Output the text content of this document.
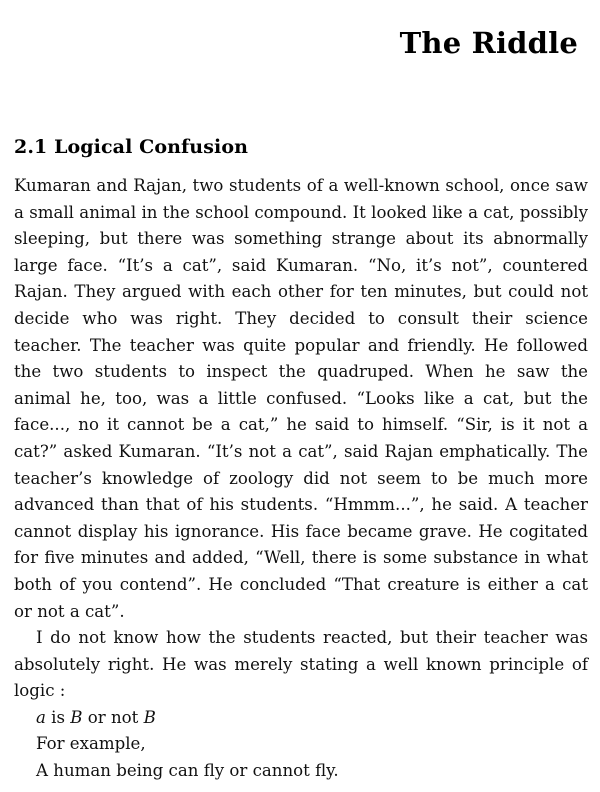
The Riddle
2.1 Logical Confusion

Kumaran and Rajan, two students of a well-known school, once saw a small animal in the school compound. It looked like a cat, possibly sleeping, but there was something strange about its abnormally large face. “It’s a cat”, said Kumaran. “No, it’s not”, countered Rajan. They argued with each other for ten minutes, but could not decide who was right. They decided to consult their science teacher. The teacher was quite popular and friendly. He followed the two students to inspect the quadruped. When he saw the animal he, too, was a little confused. “Looks like a cat, but the face..., no it cannot be a cat,” he said to himself. “Sir, is it not a cat?” asked Kumaran. “It’s not a cat”, said Rajan emphatically. The teacher’s knowledge of zoology did not seem to be much more advanced than that of his students. “Hmmm...”, he said. A teacher cannot display his ignorance. His face became grave. He cogitated for five minutes and added, “Well, there is some substance in what both of you contend”. He concluded “That creature is either a cat or not a cat”.

I do not know how the students reacted, but their teacher was absolutely right. He was merely stating a well known principle of logic :

a is B or not B
For example,
A human being can fly or cannot fly.
